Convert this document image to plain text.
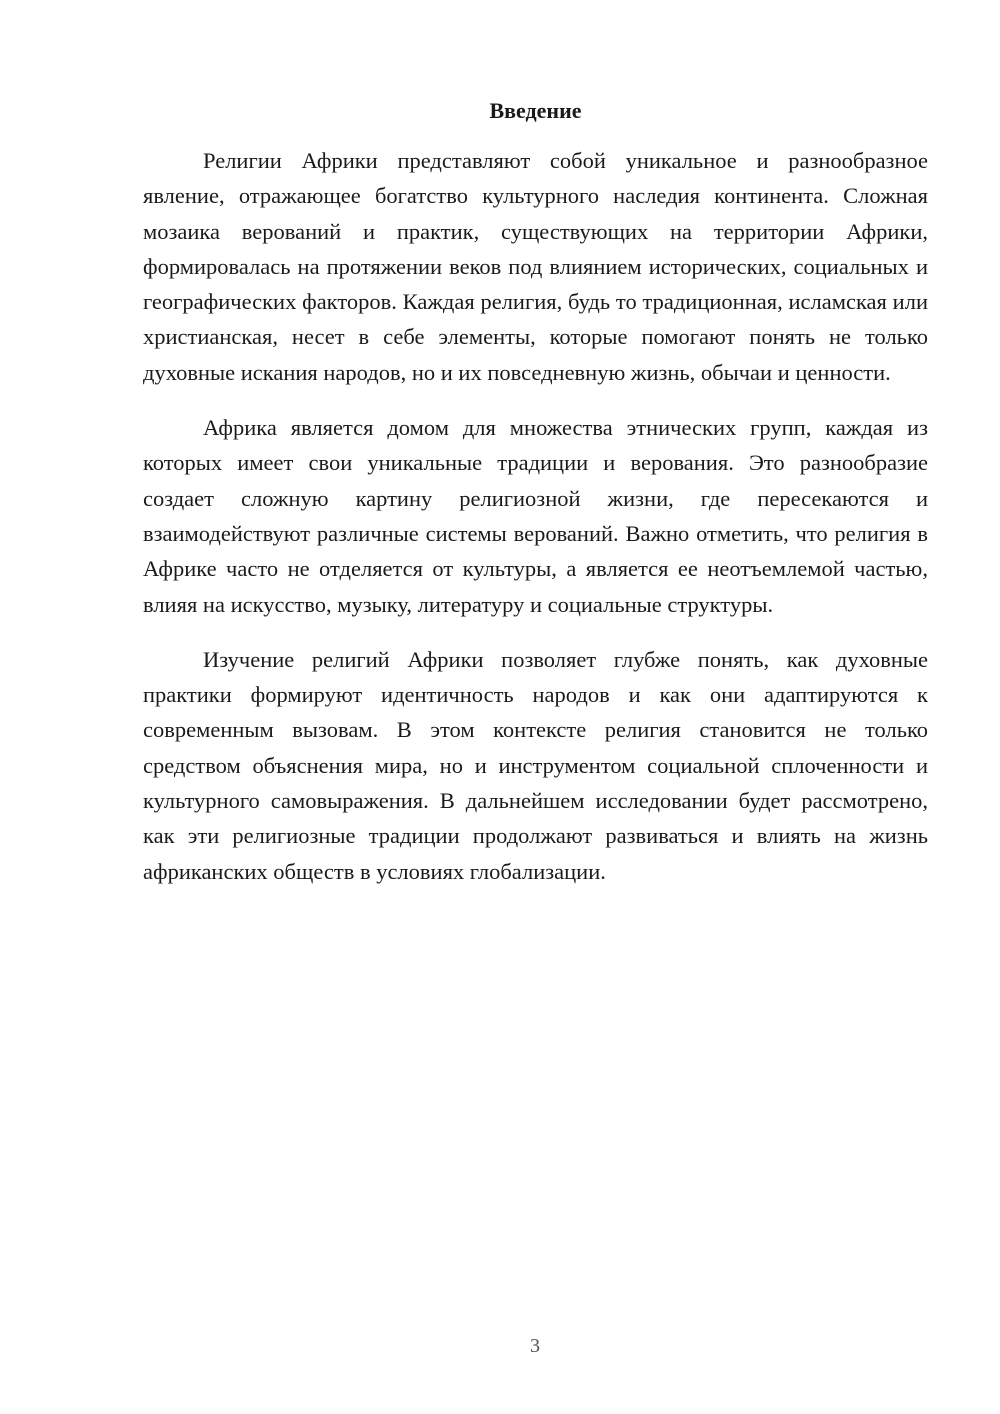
Введение

Религии Африки представляют собой уникальное и разнообразное явление, отражающее богатство культурного наследия континента. Сложная мозаика верований и практик, существующих на территории Африки, формировалась на протяжении веков под влиянием исторических, социальных и географических факторов. Каждая религия, будь то традиционная, исламская или христианская, несет в себе элементы, которые помогают понять не только духовные искания народов, но и их повседневную жизнь, обычаи и ценности.

Африка является домом для множества этнических групп, каждая из которых имеет свои уникальные традиции и верования. Это разнообразие создает сложную картину религиозной жизни, где пересекаются и взаимодействуют различные системы верований. Важно отметить, что религия в Африке часто не отделяется от культуры, а является ее неотъемлемой частью, влияя на искусство, музыку, литературу и социальные структуры.

Изучение религий Африки позволяет глубже понять, как духовные практики формируют идентичность народов и как они адаптируются к современным вызовам. В этом контексте религия становится не только средством объяснения мира, но и инструментом социальной сплоченности и культурного самовыражения. В дальнейшем исследовании будет рассмотрено, как эти религиозные традиции продолжают развиваться и влиять на жизнь африканских обществ в условиях глобализации.

3
